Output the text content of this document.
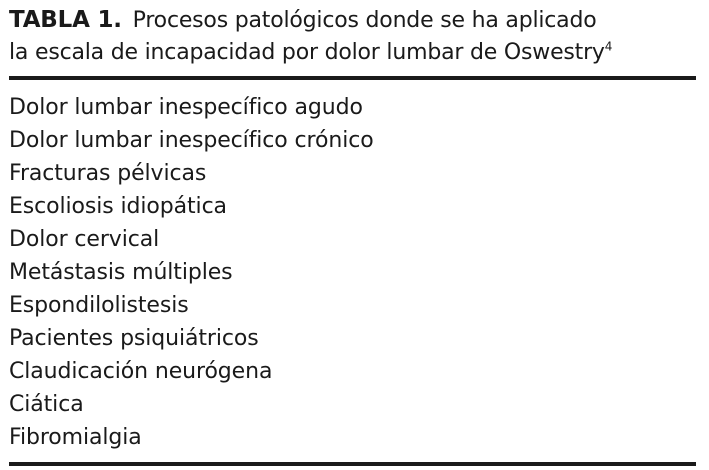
TABLA 1. Procesos patológicos donde se ha aplicado
la escala de incapacidad por dolor lumbar de Oswestry$^4$
Dolor lumbar inespecífico agudo
Dolor lumbar inespecífico crónico
Fracturas pélvicas
Escoliosis idiopática
Dolor cervical
Metástasis múltiples
Espondilolistesis
Pacientes psiquiátricos
Claudicación neurógena
Ciática
Fibromialgia
